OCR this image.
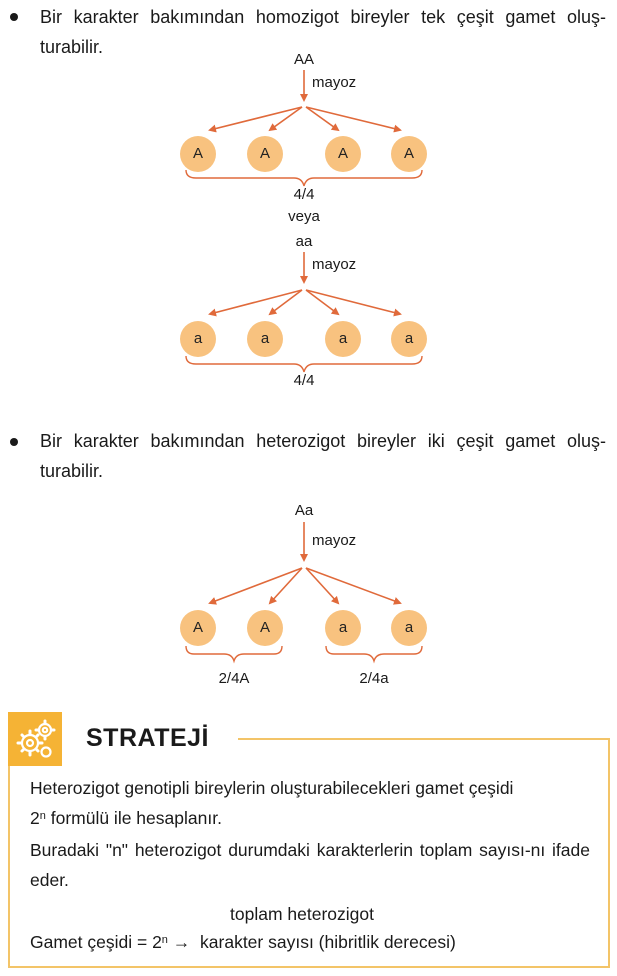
Bir karakter bakımından homozigot bireyler tek çeşit gamet oluş-turabilir.

AA
mayoz
A	A	A	A
4/4
veya
aa
mayoz
a	a	a	a
4/4

Bir karakter bakımından heterozigot bireyler iki çeşit gamet oluş-turabilir.

Aa
mayoz
A	A	a	a
2/4A	2/4a
STRATEJİ

Heterozigot genotipli bireylerin oluşturabilecekleri gamet çeşidi

2$^n$ formülü ile hesaplanır.

Buradaki "n" heterozigot durumdaki karakterlerin toplam sayısı-nı ifade eder.

toplam heterozigot

Gamet çeşidi = $2^n$ → karakter sayısı (hibritlik derecesi)
